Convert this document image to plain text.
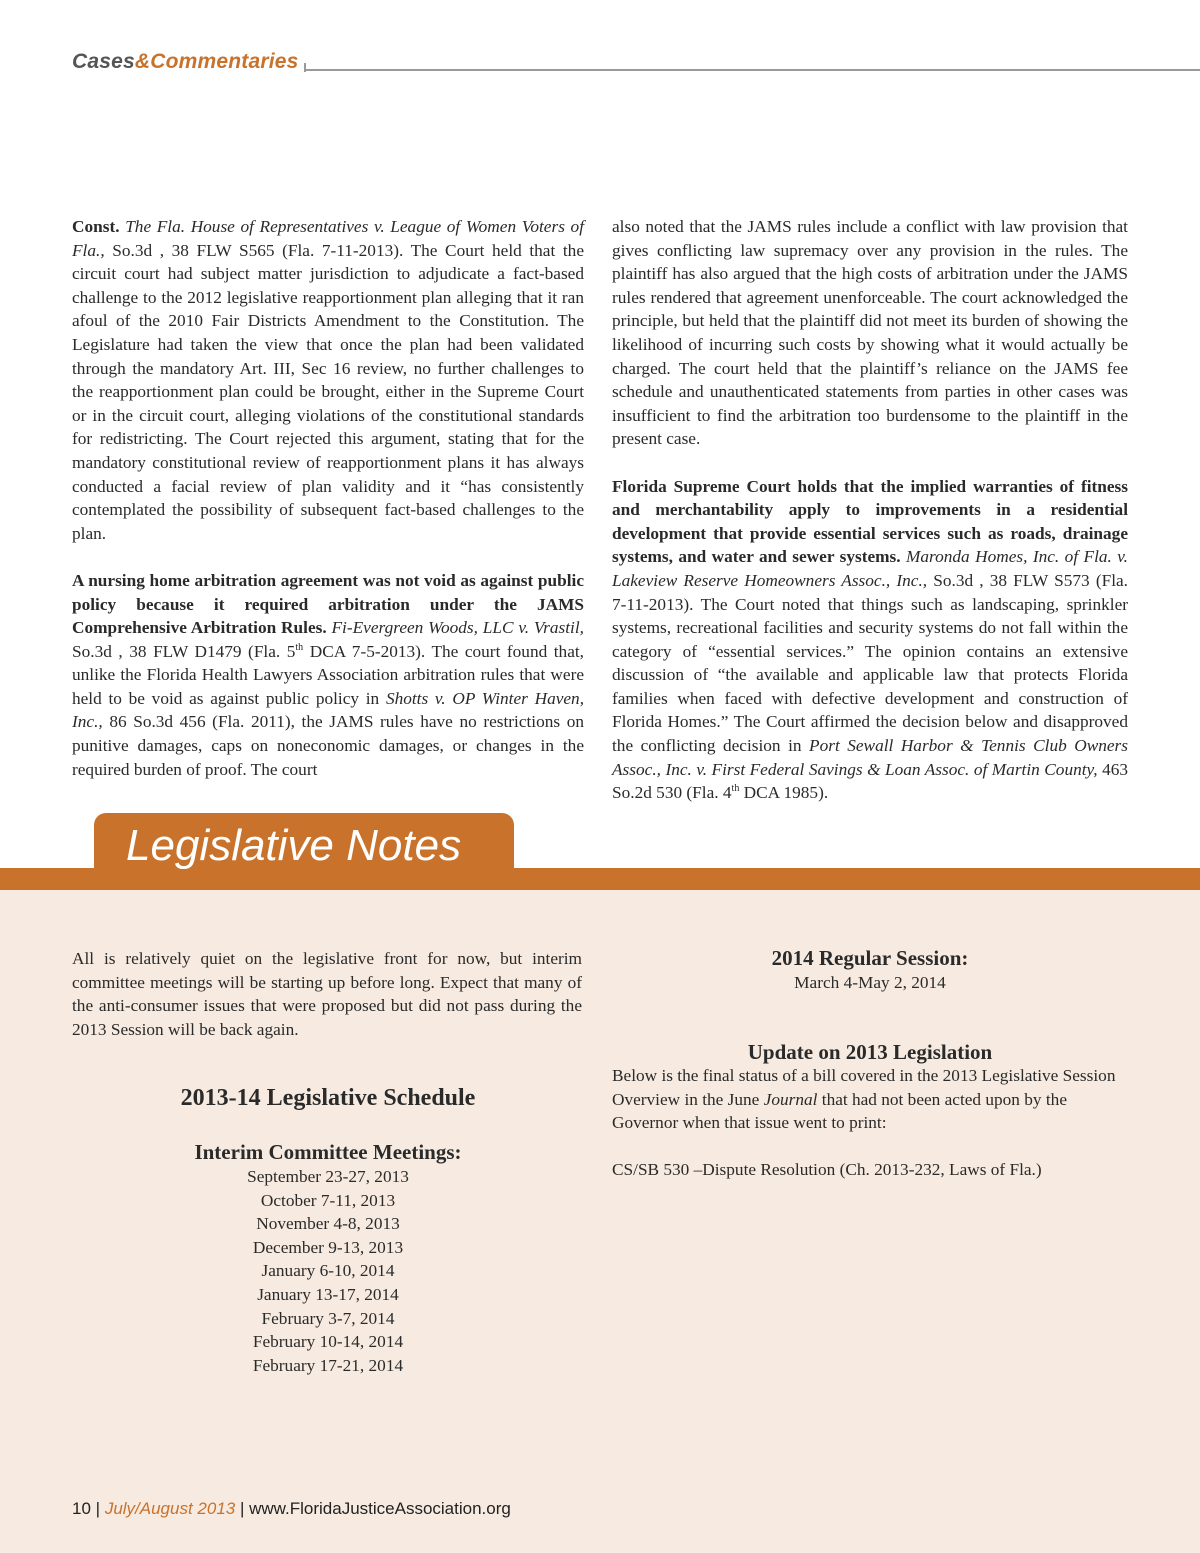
Cases&Commentaries

Const. The Fla. House of Representatives v. League of Women Voters of Fla., So.3d , 38 FLW S565 (Fla. 7-11-2013). The Court held that the circuit court had subject matter jurisdiction to adjudicate a fact-based challenge to the 2012 legislative reapportionment plan alleging that it ran afoul of the 2010 Fair Districts Amendment to the Constitution. The Legislature had taken the view that once the plan had been validated through the mandatory Art. III, Sec 16 review, no further challenges to the reapportionment plan could be brought, either in the Supreme Court or in the circuit court, alleging violations of the constitutional standards for redistricting. The Court rejected this argument, stating that for the mandatory constitutional review of reapportionment plans it has always conducted a facial review of plan validity and it “has consistently contemplated the possibility of subsequent fact-based challenges to the plan.

A nursing home arbitration agreement was not void as against public policy because it required arbitration under the JAMS Comprehensive Arbitration Rules. Fi-Evergreen Woods, LLC v. Vrastil, So.3d , 38 FLW D1479 (Fla. 5th DCA 7-5-2013). The court found that, unlike the Florida Health Lawyers Association arbitration rules that were held to be void as against public policy in Shotts v. OP Winter Haven, Inc., 86 So.3d 456 (Fla. 2011), the JAMS rules have no restrictions on punitive damages, caps on noneconomic damages, or changes in the required burden of proof. The court

also noted that the JAMS rules include a conflict with law provision that gives conflicting law supremacy over any provision in the rules. The plaintiff has also argued that the high costs of arbitration under the JAMS rules rendered that agreement unenforceable. The court acknowledged the principle, but held that the plaintiff did not meet its burden of showing the likelihood of incurring such costs by showing what it would actually be charged. The court held that the plaintiff’s reliance on the JAMS fee schedule and unauthenticated statements from parties in other cases was insufficient to find the arbitration too burdensome to the plaintiff in the present case.

Florida Supreme Court holds that the implied warranties of fitness and merchantability apply to improvements in a residential development that provide essential services such as roads, drainage systems, and water and sewer systems. Maronda Homes, Inc. of Fla. v. Lakeview Reserve Homeowners Assoc., Inc., So.3d , 38 FLW S573 (Fla. 7-11-2013). The Court noted that things such as landscaping, sprinkler systems, recreational facilities and security systems do not fall within the category of “essential services.” The opinion contains an extensive discussion of “the available and applicable law that protects Florida families when faced with defective development and construction of Florida Homes.” The Court affirmed the decision below and disapproved the conflicting decision in Port Sewall Harbor & Tennis Club Owners Assoc., Inc. v. First Federal Savings & Loan Assoc. of Martin County, 463 So.2d 530 (Fla. 4th DCA 1985).

Legislative Notes

All is relatively quiet on the legislative front for now, but interim committee meetings will be starting up before long. Expect that many of the anti-consumer issues that were proposed but did not pass during the 2013 Session will be back again.

2013-14 Legislative Schedule
Interim Committee Meetings:
September 23-27, 2013
October 7-11, 2013
November 4-8, 2013
December 9-13, 2013
January 6-10, 2014
January 13-17, 2014
February 3-7, 2014
February 10-14, 2014
February 17-21, 2014
2014 Regular Session:
March 4-May 2, 2014
Update on 2013 Legislation

Below is the final status of a bill covered in the 2013 Legislative Session Overview in the June Journal that had not been acted upon by the Governor when that issue went to print:

CS/SB 530 –Dispute Resolution (Ch. 2013-232, Laws of Fla.)

10 | July/August 2013 | www.FloridaJusticeAssociation.org
